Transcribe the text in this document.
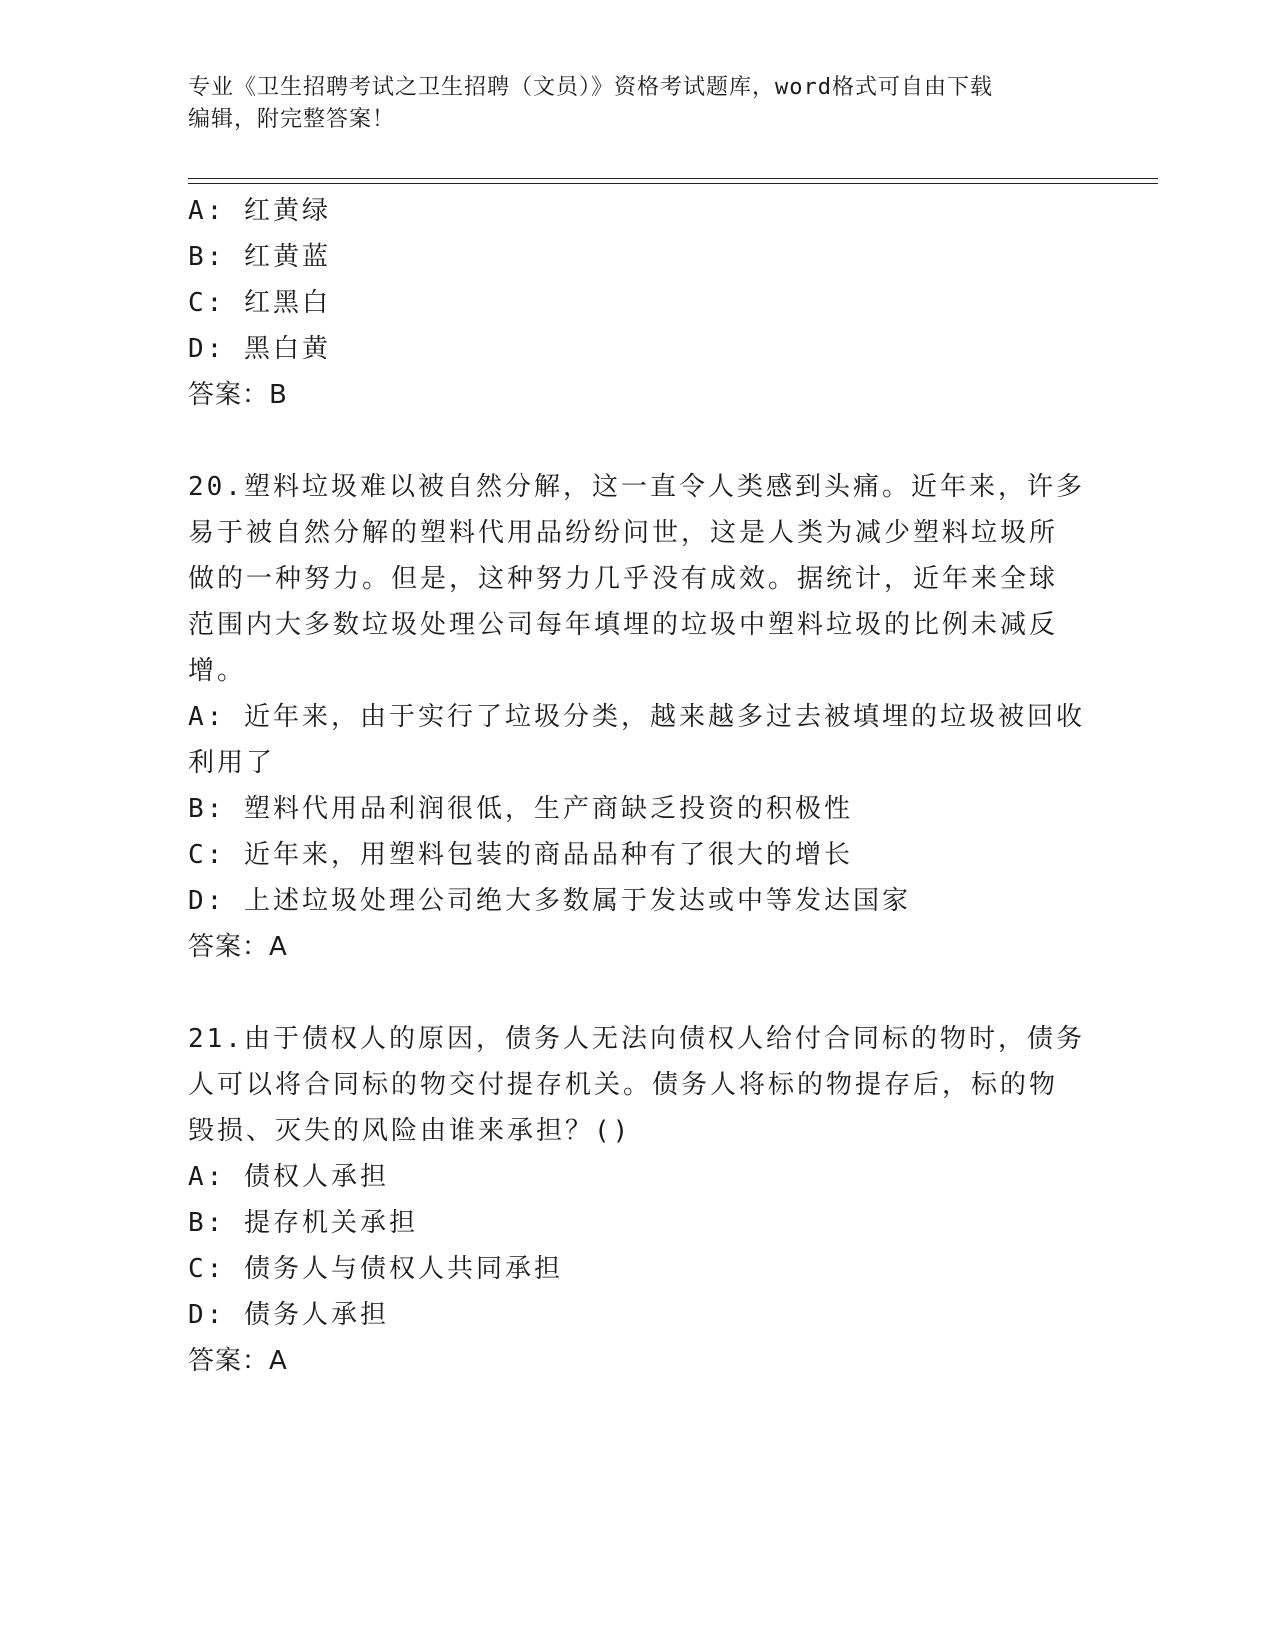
专业《卫生招聘考试之卫生招聘（文员）》资格考试题库，word格式可自由下载
编辑，附完整答案！
A: 红黄绿
B: 红黄蓝
C: 红黑白
D: 黑白黄
答案：B
20.塑料垃圾难以被自然分解，这一直令人类感到头痛。近年来，许多
易于被自然分解的塑料代用品纷纷问世，这是人类为减少塑料垃圾所
做的一种努力。但是，这种努力几乎没有成效。据统计，近年来全球
范围内大多数垃圾处理公司每年填埋的垃圾中塑料垃圾的比例未减反
增。
A: 近年来，由于实行了垃圾分类，越来越多过去被填埋的垃圾被回收
利用了
B: 塑料代用品利润很低，生产商缺乏投资的积极性
C: 近年来，用塑料包装的商品品种有了很大的增长
D: 上述垃圾处理公司绝大多数属于发达或中等发达国家
答案：A
21.由于债权人的原因，债务人无法向债权人给付合同标的物时，债务
人可以将合同标的物交付提存机关。债务人将标的物提存后，标的物
毁损、灭失的风险由谁来承担？()
A: 债权人承担
B: 提存机关承担
C: 债务人与债权人共同承担
D: 债务人承担
答案：A
